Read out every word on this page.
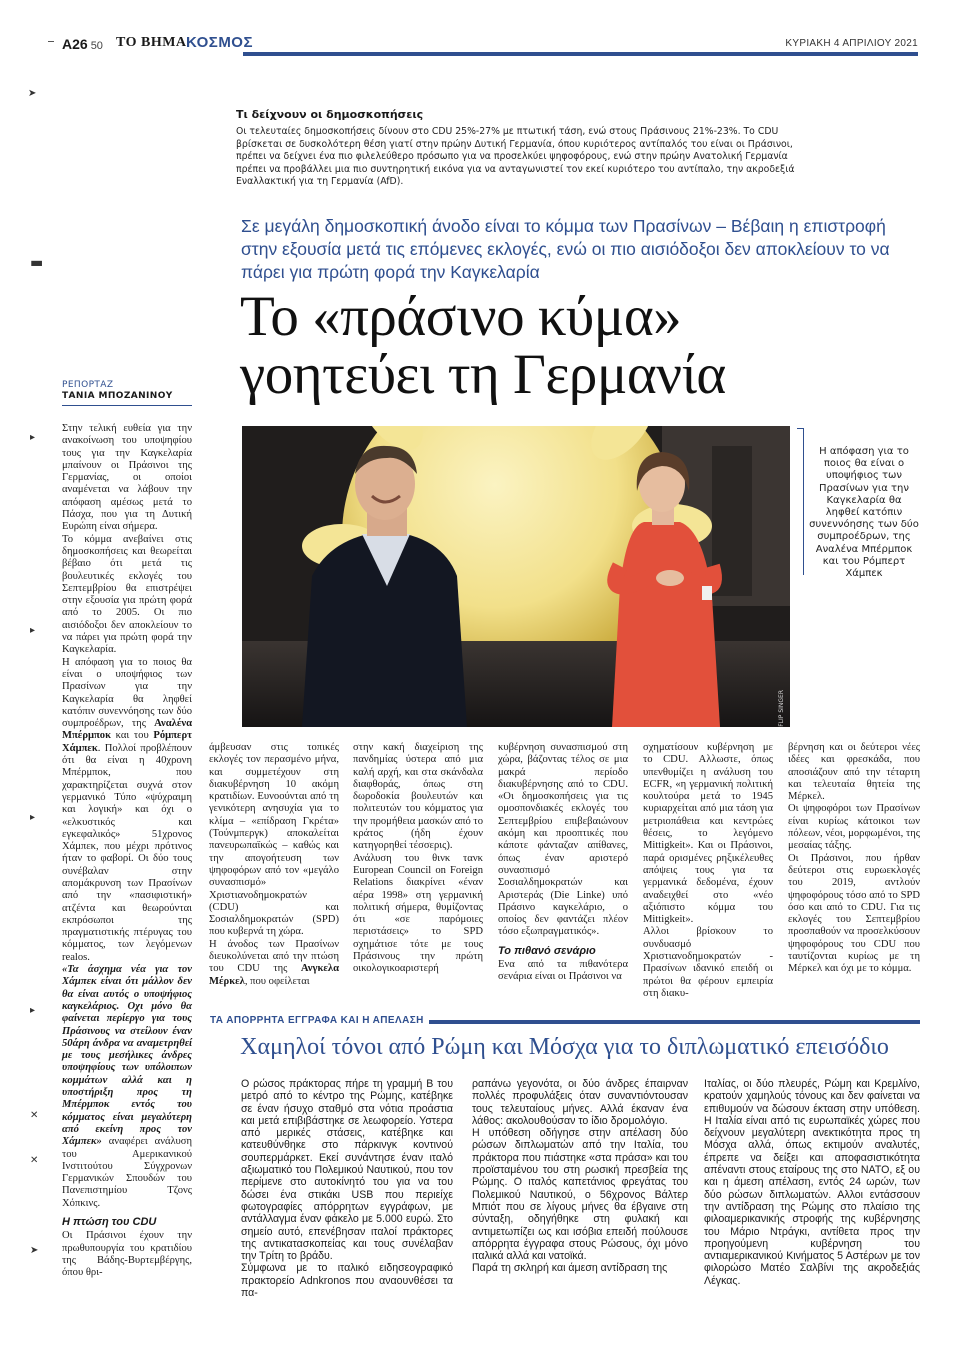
A26 50 ΤΟ ΒΗΜΑ ΚΟΣΜΟΣ	ΚΥΡΙΑΚΗ 4 ΑΠΡΙΛΙΟΥ 2021
➤
▬
▸
▸
▸
▸
✕
✕
➤
Τι δείχνουν οι δημοσκοπήσεις
Οι τελευταίες δημοσκοπήσεις δίνουν στο CDU 25%-27% με πτωτική τάση, ενώ στους Πράσινους 21%-23%. Το CDU βρίσκεται σε δυσκολότερη θέση γιατί στην πρώην Δυτική Γερμανία, όπου κυριότερος αντίπαλός του είναι οι Πράσινοι, πρέπει να δείχνει ένα πιο φιλελεύθερο πρόσωπο για να προσελκύει ψηφοφόρους, ενώ στην πρώην Ανατολική Γερμανία πρέπει να προβάλλει μια πιο συντηρητική εικόνα για να ανταγωνιστεί τον εκεί κυριότερο του αντίπαλο, την ακροδεξιά Εναλλακτική για τη Γερμανία (AfD).
Σε μεγάλη δημοσκοπική άνοδο είναι το κόμμα των Πρασίνων – Βέβαιη η επιστροφή στην εξουσία μετά τις επόμενες εκλογές, ενώ οι πιο αισιόδοξοι δεν αποκλείουν το να πάρει για πρώτη φορά την Καγκελαρία
Το «πράσινο κύμα»
γοητεύει τη Γερμανία
ΡΕΠΟΡΤΑΖ
ΤΑΝΙΑ ΜΠΟΖΑΝΙΝΟΥ
FLIP SINGER
Η απόφαση για το ποιος θα είναι ο υποψήφιος των Πρασίνων για την Καγκελαρία θα ληφθεί κατόπιν συνεννόησης των δύο συμπροέδρων, της Αναλένα Μπέρμποκ και του Ρόμπερτ Χάμπεκ

Στην τελική ευθεία για την ανακοίνωση του υποψηφίου τους για την Καγκελαρία μπαίνουν οι Πράσινοι της Γερμανίας, οι οποίοι αναμένεται να λάβουν την απόφαση αμέσως μετά το Πάσχα, που για τη Δυτική Ευρώπη είναι σήμερα.

Το κόμμα ανεβαίνει στις δημοσκοπήσεις και θεωρείται βέβαιο ότι μετά τις βουλευτικές εκλογές του Σεπτεμβρίου θα επιστρέψει στην εξουσία για πρώτη φορά από το 2005. Οι πιο αισιόδοξοι δεν αποκλείουν το να πάρει για πρώτη φορά την Καγκελαρία.

Η απόφαση για το ποιος θα είναι ο υποψήφιος των Πρασίνων για την Καγκελαρία θα ληφθεί κατόπιν συνεννόησης των δύο συμπροέδρων, της Αναλένα Μπέρμποκ και του Ρόμπερτ Χάμπεκ. Πολλοί προβλέπουν ότι θα είναι η 40χρονη Μπέρμποκ, που χαρακτηρίζεται συχνά στον γερμανικό Τύπο «ψύχραιμη και λογική» και όχι ο «ελκυστικός και εγκεφαλικός» 51χρονος Χάμπεκ, που μέχρι πρότινος ήταν το φαβορί. Οι δύο τους συνέβαλαν στην απομάκρυνση των Πρασίνων από την «πασιφιστική» ατζέντα και θεωρούνται εκπρόσωποι της πραγματιστικής πτέρυγας του κόμματος, των λεγόμενων realos.

«Τα άσχημα νέα για τον Χάμπεκ είναι ότι μάλλον δεν θα είναι αυτός ο υποψήφιος καγκελάριος. Οχι μόνο θα φαίνεται περίεργο για τους Πράσινους να στείλουν έναν 50άρη άνδρα να αναμετρηθεί με τους μεσήλικες άνδρες υποψηφίους των υπόλοιπων κομμάτων αλλά και η υποστήριξη προς τη Μπέρμποκ εντός του κόμματος είναι μεγαλύτερη από εκείνη προς τον Χάμπεκ» αναφέρει ανάλυση του Αμερικανικού Ινστιτούτου Σύγχρονων Γερμανικών Σπουδών του Πανεπιστημίου Τζονς Χόπκινς.

Η πτώση του CDU

Οι Πράσινοι έχουν την πρωθυπουργία του κρατιδίου της Βάδης-Βυρτεμβέργης, όπου θρι-

άμβευσαν στις τοπικές εκλογές τον περασμένο μήνα, και συμμετέχουν στη διακυβέρνηση 10 ακόμη κρατιδίων. Ευνοούνται από τη γενικότερη ανησυχία για το κλίμα – «επίδραση Γκρέτα» (Τούνμπεργκ) αποκαλείται πανευρωπαϊκώς – καθώς και την απογοήτευση των ψηφοφόρων από τον «μεγάλο συνασπισμό» Χριστιανοδημοκρατών (CDU) και Σοσιαλδημοκρατών (SPD) που κυβερνά τη χώρα.

Η άνοδος των Πρασίνων διευκολύνεται από την πτώση του CDU της Ανγκελα Μέρκελ, που οφείλεται

στην κακή διαχείριση της πανδημίας ύστερα από μια καλή αρχή, και στα σκάνδαλα διαφθοράς, όπως στη δωροδοκία βουλευτών και πολιτευτών του κόμματος για την προμήθεια μασκών από το κράτος (ήδη έχουν κατηγορηθεί τέσσερις).

Ανάλυση του θινκ τανκ European Council on Foreign Relations διακρίνει «έναν αέρα 1998» στη γερμανική πολιτική σήμερα, θυμίζοντας ότι «σε παρόμοιες περιστάσεις» το SPD σχημάτισε τότε με τους Πράσινους την πρώτη οικολογικοαριστερή

κυβέρνηση συνασπισμού στη χώρα, βάζοντας τέλος σε μια μακρά περίοδο διακυβέρνησης από το CDU. «Οι δημοσκοπήσεις για τις ομοσπονδιακές εκλογές του Σεπτεμβρίου επιβεβαιώνουν ακόμη και προοπτικές που κάποτε φάνταζαν απίθανες, όπως έναν αριστερό συνασπισμό Σοσιαλδημοκρατών και Αριστεράς (Die Linke) υπό Πράσινο καγκελάριο, ο οποίος δεν φαντάζει πλέον τόσο εξωπραγματικός».

Το πιθανό σενάριο

Ενα από τα πιθανότερα σενάρια είναι οι Πράσινοι να

σχηματίσουν κυβέρνηση με το CDU. Αλλωστε, όπως υπενθυμίζει η ανάλυση του ECFR, «η γερμανική πολιτική κουλτούρα μετά το 1945 κυριαρχείται από μια τάση για μετριοπάθεια και κεντρώες θέσεις, το λεγόμενο Mittigkeit». Και οι Πράσινοι, παρά ορισμένες ρηξικέλευθες απόψεις τους για τα γερμανικά δεδομένα, έχουν αναδειχθεί στο «νέο αξιόπιστο κόμμα του Mittigkeit».

Αλλοι βρίσκουν το συνδυασμό Χριστιανοδημοκρατών - Πρασίνων ιδανικό επειδή οι πρώτοι θα φέρουν εμπειρία στη διακυ-

βέρνηση και οι δεύτεροι νέες ιδέες και φρεσκάδα, που αποσιάζουν από την τέταρτη και τελευταία θητεία της Μέρκελ.

Οι ψηφοφόροι των Πρασίνων είναι κυρίως κάτοικοι των πόλεων, νέοι, μορφωμένοι, της μεσαίας τάξης.

Οι Πράσινοι, που ήρθαν δεύτεροι στις ευρωεκλογές του 2019, αντλούν ψηφοφόρους τόσο από το SPD όσο και από το CDU. Για τις εκλογές του Σεπτεμβρίου προσπαθούν να προσελκύσουν ψηφοφόρους του CDU που ταυτίζονται κυρίως με τη Μέρκελ και όχι με το κόμμα.

ΤΑ ΑΠΟΡΡΗΤΑ ΕΓΓΡΑΦΑ ΚΑΙ Η ΑΠΕΛΑΣΗ
Χαμηλοί τόνοι από Ρώμη και Μόσχα για το διπλωματικό επεισόδιο

Ο ρώσος πράκτορας πήρε τη γραμμή Β του μετρό από το κέντρο της Ρώμης, κατέβηκε σε έναν ήσυχο σταθμό στα νότια προάστια και μετά επιβιβάστηκε σε λεωφορείο. Υστερα από μερικές στάσεις, κατέβηκε και κατευθύνθηκε στο πάρκινγκ κοντινού σουπερμάρκετ. Εκεί συνάντησε έναν ιταλό αξιωματικό του Πολεμικού Ναυτικού, που τον περίμενε στο αυτοκίνητό του για να του δώσει ένα στικάκι USB που περιείχε φωτογραφίες απόρρητων εγγράφων, με αντάλλαγμα έναν φάκελο με 5.000 ευρώ. Στο σημείο αυτό, επενέβησαν ιταλοί πράκτορες της αντικατασκοπείας και τους συνέλαβαν την Τρίτη το βράδυ.

Σύμφωνα με το ιταλικό ειδησεογραφικό πρακτορείο Adnkronos που αναουνθέσει τα πα-

ραπάνω γεγονότα, οι δύο άνδρες έπαιρναν πολλές προφυλάξεις όταν συναντιόντουσαν τους τελευταίους μήνες. Αλλά έκαναν ένα λάθος: ακολουθούσαν το ίδιο δρομολόγιο.

Η υπόθεση οδήγησε στην απέλαση δύο ρώσων διπλωματών από την Ιταλία, του πράκτορα που πιάστηκε «στα πράσα» και του προϊσταμένου του στη ρωσική πρεσβεία της Ρώμης. Ο ιταλός καπετάνιος φρεγάτας του Πολεμικού Ναυτικού, ο 56χρονος Βάλτερ Μπιότ που σε λίγους μήνες θα έβγαινε στη σύνταξη, οδηγήθηκε στη φυλακή και αντιμετωπίζει ως και ισόβια επειδή πούλουσε απόρρητα έγγραφα στους Ρώσους, όχι μόνο ιταλικά αλλά και νατοϊκά.

Παρά τη σκληρή και άμεση αντίδραση της

Ιταλίας, οι δύο πλευρές, Ρώμη και Κρεμλίνο, κρατούν χαμηλούς τόνους και δεν φαίνεται να επιθυμούν να δώσουν έκταση στην υπόθεση. Η Ιταλία είναι από τις ευρωπαϊκές χώρες που δείχνουν μεγαλύτερη ανεκτικότητα προς τη Μόσχα αλλά, όπως εκτιμούν αναλυτές, έπρεπε να δείξει και αποφασιστικότητα απέναντι στους εταίρους της στο ΝΑΤΟ, εξ ου και η άμεση απέλαση, εντός 24 ωρών, των δύο ρώσων διπλωματών. Αλλοι εντάσσουν την αντίδραση της Ρώμης στο πλαίσιο της φιλοαμερικανικής στροφής της κυβέρνησης του Μάριο Ντράγκι, αντίθετα προς την προηγούμενη κυβέρνηση του αντιαμερικανικού Κινήματος 5 Αστέρων με τον φιλορώσο Ματέο Σαλβίνι της ακροδεξιάς Λέγκας.
